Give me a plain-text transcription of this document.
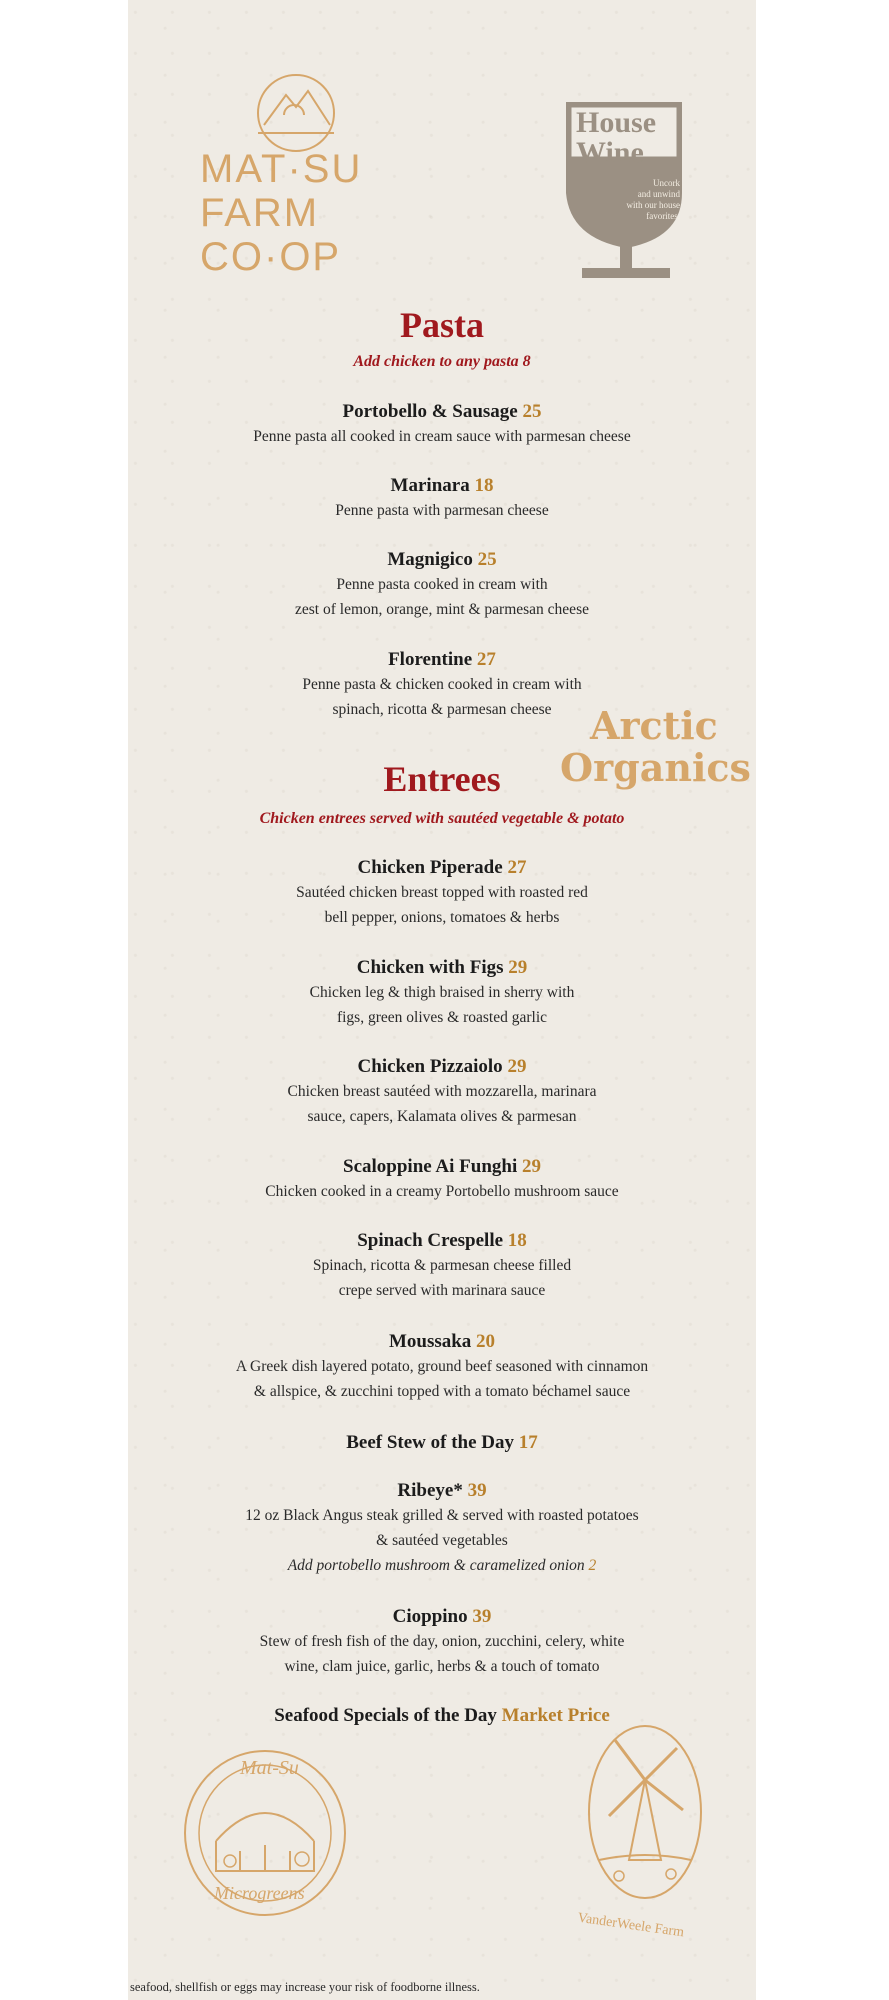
MAT·SU
FARM
CO·OP
House
Wine
Uncork
and unwind
with our house
favorites.
Pasta
Add chicken to any pasta 8
Portobello & Sausage 25
Penne pasta all cooked in cream sauce with parmesan cheese
Marinara 18
Penne pasta with parmesan cheese
Magnigico 25
Penne pasta cooked in cream with
zest of lemon, orange, mint & parmesan cheese
Florentine 27
Penne pasta & chicken cooked in cream with
spinach, ricotta & parmesan cheese
Entrees
Chicken entrees served with sautéed vegetable & potato
Chicken Piperade 27
Sautéed chicken breast topped with roasted red
bell pepper, onions, tomatoes & herbs
Chicken with Figs 29
Chicken leg & thigh braised in sherry with
figs, green olives & roasted garlic
Chicken Pizzaiolo 29
Chicken breast sautéed with mozzarella, marinara
sauce, capers, Kalamata olives & parmesan
Scaloppine Ai Funghi 29
Chicken cooked in a creamy Portobello mushroom sauce
Spinach Crespelle 18
Spinach, ricotta & parmesan cheese filled
crepe served with marinara sauce
Moussaka 20
A Greek dish layered potato, ground beef seasoned with cinnamon
& allspice, & zucchini topped with a tomato béchamel sauce
Beef Stew of the Day 17
Ribeye* 39
12 oz Black Angus steak grilled & served with roasted potatoes
& sautéed vegetables
Add portobello mushroom & caramelized onion 2
Cioppino 39
Stew of fresh fish of the day, onion, zucchini, celery, white
wine, clam juice, garlic, herbs & a touch of tomato
Seafood Specials of the Day Market Price
Arctic
Organics
Mat-Su
Microgreens
VanderWeele Farm
seafood, shellfish or eggs may increase your risk of foodborne illness.
